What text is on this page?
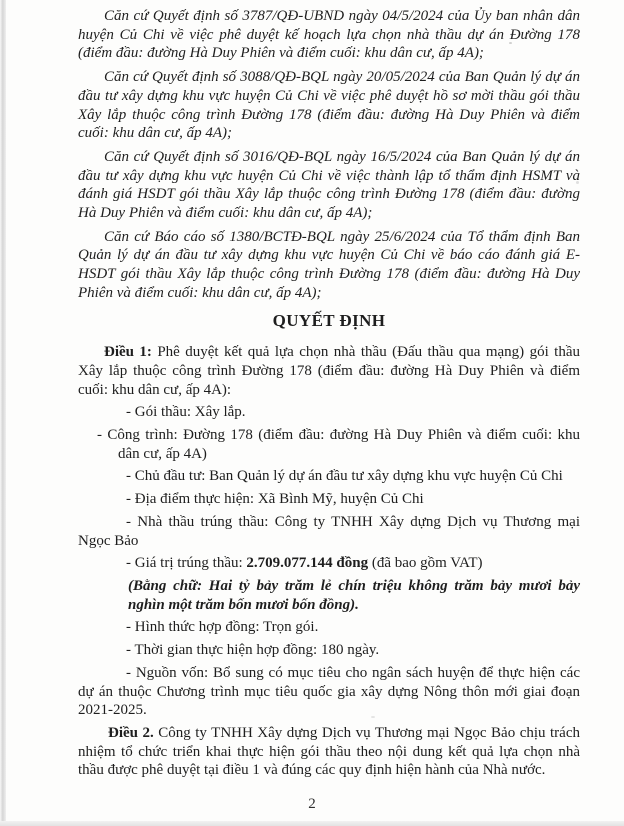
Căn cứ Quyết định số 3787/QĐ-UBND ngày 04/5/2024 của Ủy ban nhân dân huyện Củ Chi về việc phê duyệt kế hoạch lựa chọn nhà thầu dự án Đường 178 (điểm đầu: đường Hà Duy Phiên và điểm cuối: khu dân cư, ấp 4A);

Căn cứ Quyết định số 3088/QĐ-BQL ngày 20/05/2024 của Ban Quản lý dự án đầu tư xây dựng khu vực huyện Củ Chi về việc phê duyệt hồ sơ mời thầu gói thầu Xây lắp thuộc công trình Đường 178 (điểm đầu: đường Hà Duy Phiên và điểm cuối: khu dân cư, ấp 4A);

Căn cứ Quyết định số 3016/QĐ-BQL ngày 16/5/2024 của Ban Quản lý dự án đầu tư xây dựng khu vực huyện Củ Chi về việc thành lập tổ thẩm định HSMT và đánh giá HSDT gói thầu Xây lắp thuộc công trình Đường 178 (điểm đầu: đường Hà Duy Phiên và điểm cuối: khu dân cư, ấp 4A);

Căn cứ Báo cáo số 1380/BCTĐ-BQL ngày 25/6/2024 của Tổ thẩm định Ban Quản lý dự án đầu tư xây dựng khu vực huyện Củ Chi về báo cáo đánh giá E-HSDT gói thầu Xây lắp thuộc công trình Đường 178 (điểm đầu: đường Hà Duy Phiên và điểm cuối: khu dân cư, ấp 4A);

QUYẾT ĐỊNH

Điều 1: Phê duyệt kết quả lựa chọn nhà thầu (Đấu thầu qua mạng) gói thầu Xây lắp thuộc công trình Đường 178 (điểm đầu: đường Hà Duy Phiên và điểm cuối: khu dân cư, ấp 4A):

- Gói thầu: Xây lắp.

- Công trình: Đường 178 (điểm đầu: đường Hà Duy Phiên và điểm cuối: khu dân cư, ấp 4A)

- Chủ đầu tư: Ban Quản lý dự án đầu tư xây dựng khu vực huyện Củ Chi

- Địa điểm thực hiện: Xã Bình Mỹ, huyện Củ Chi

- Nhà thầu trúng thầu: Công ty TNHH Xây dựng Dịch vụ Thương mại Ngọc Bảo

- Giá trị trúng thầu: 2.709.077.144 đồng (đã bao gồm VAT)

(Bằng chữ: Hai tỷ bảy trăm lẻ chín triệu không trăm bảy mươi bảy nghìn một trăm bốn mươi bốn đồng).

- Hình thức hợp đồng: Trọn gói.

- Thời gian thực hiện hợp đồng: 180 ngày.

- Nguồn vốn: Bổ sung có mục tiêu cho ngân sách huyện để thực hiện các dự án thuộc Chương trình mục tiêu quốc gia xây dựng Nông thôn mới giai đoạn 2021-2025.

Điều 2. Công ty TNHH Xây dựng Dịch vụ Thương mại Ngọc Bảo chịu trách nhiệm tổ chức triển khai thực hiện gói thầu theo nội dung kết quả lựa chọn nhà thầu được phê duyệt tại điều 1 và đúng các quy định hiện hành của Nhà nước.

2
